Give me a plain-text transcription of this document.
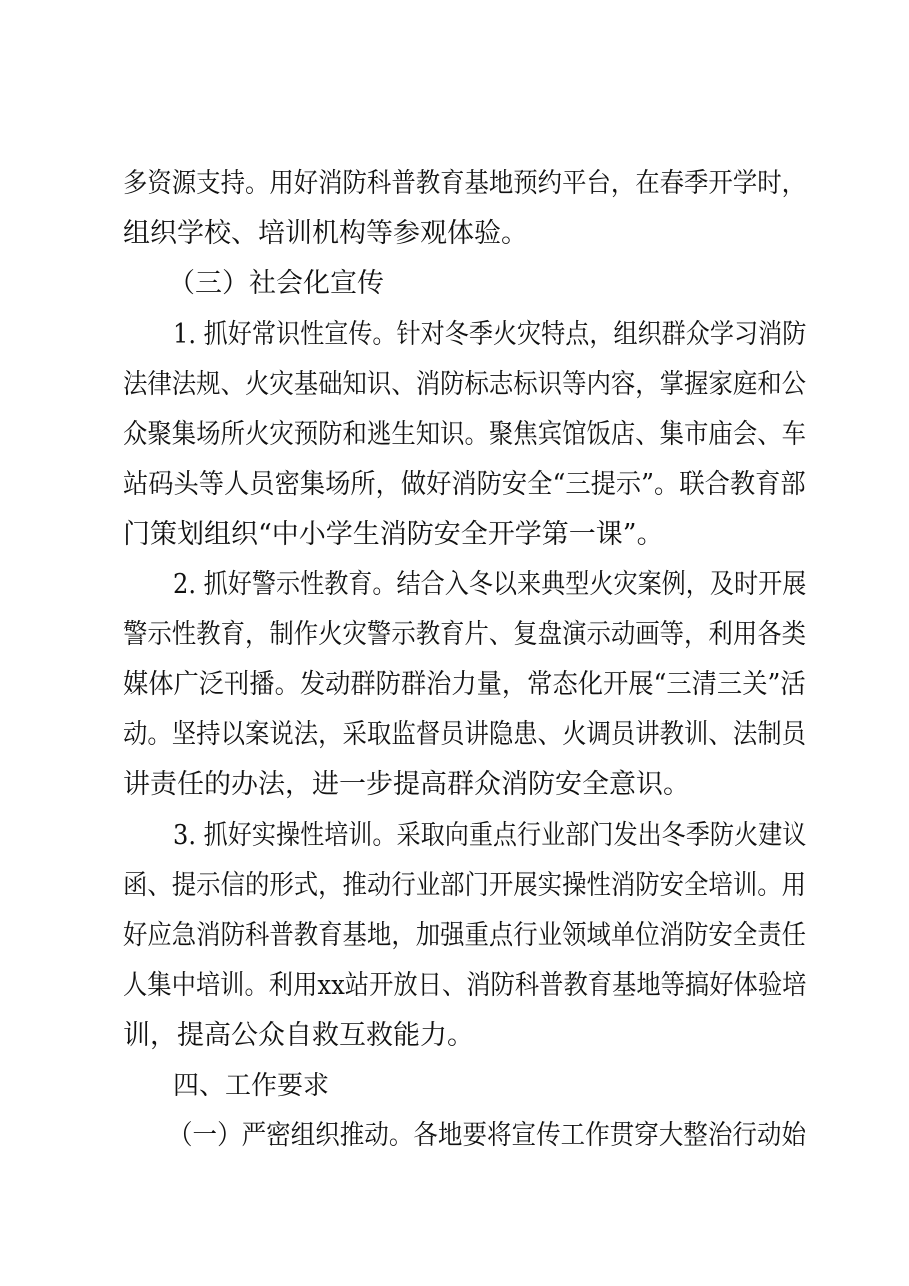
多资源支持。用好消防科普教育基地预约平台，在春季开学时，
组织学校、培训机构等参观体验。
（三）社会化宣传
1. 抓好常识性宣传。针对冬季火灾特点，组织群众学习消防
法律法规、火灾基础知识、消防标志标识等内容，掌握家庭和公
众聚集场所火灾预防和逃生知识。聚焦宾馆饭店、集市庙会、车
站码头等人员密集场所，做好消防安全“三提示”。联合教育部
门策划组织“中小学生消防安全开学第一课”。
2. 抓好警示性教育。结合入冬以来典型火灾案例，及时开展
警示性教育，制作火灾警示教育片、复盘演示动画等，利用各类
媒体广泛刊播。发动群防群治力量，常态化开展“三清三关”活
动。坚持以案说法，采取监督员讲隐患、火调员讲教训、法制员
讲责任的办法，进一步提高群众消防安全意识。
3. 抓好实操性培训。采取向重点行业部门发出冬季防火建议
函、提示信的形式，推动行业部门开展实操性消防安全培训。用
好应急消防科普教育基地，加强重点行业领域单位消防安全责任
人集中培训。利用xx站开放日、消防科普教育基地等搞好体验培
训，提高公众自救互救能力。
四、工作要求
（一）严密组织推动。各地要将宣传工作贯穿大整治行动始
